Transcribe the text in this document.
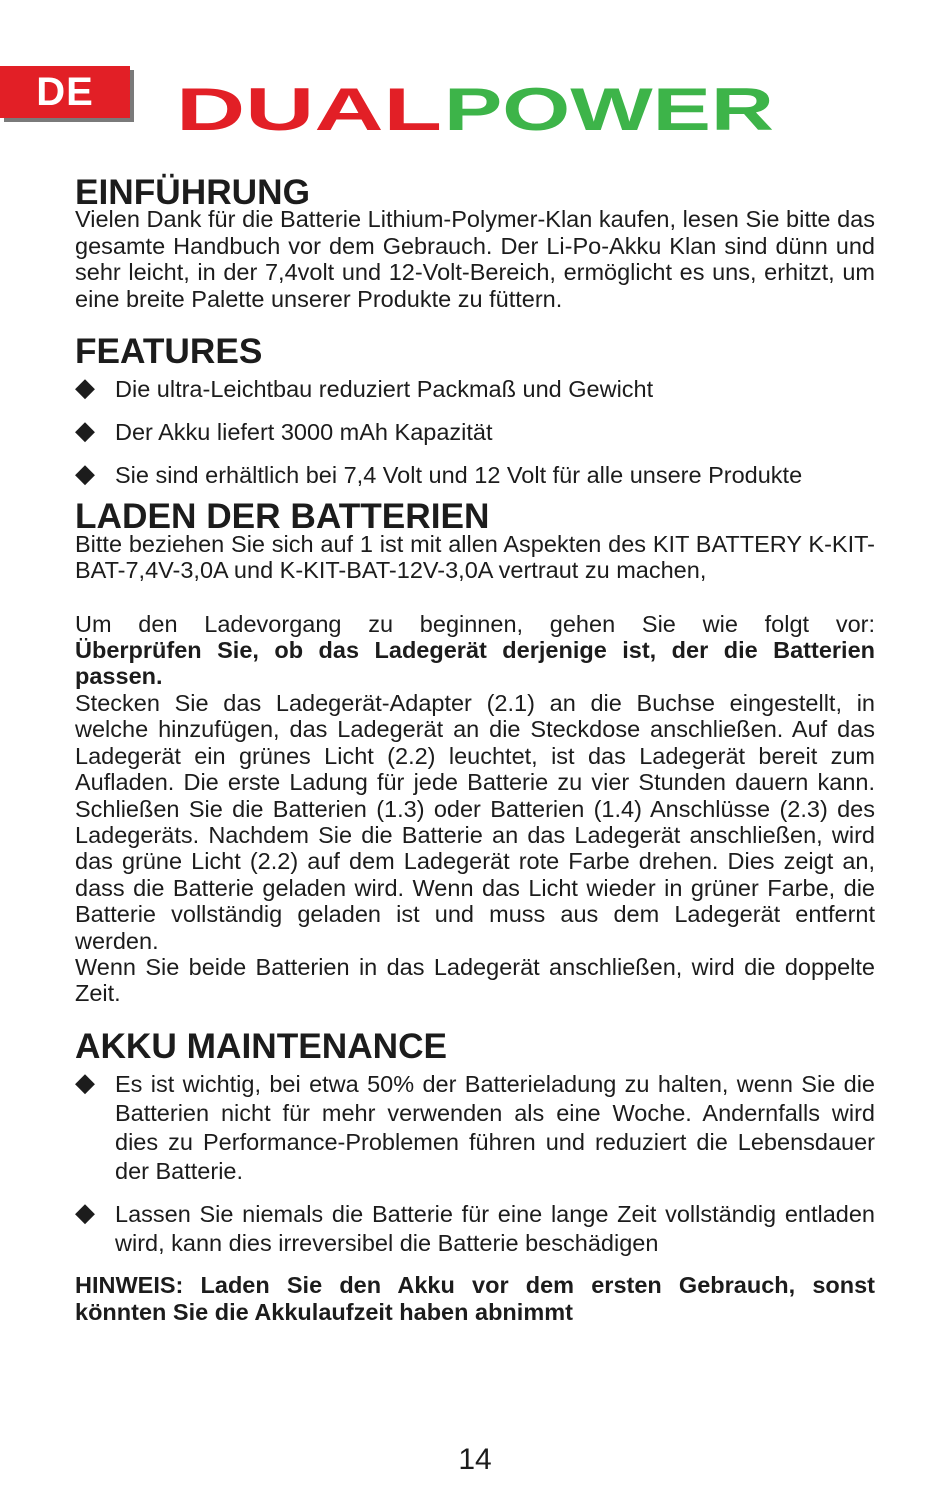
DE	DUAL POWER
EINFÜHRUNG

Vielen Dank für die Batterie Lithium-Polymer-Klan kaufen, lesen Sie bitte das gesamte Handbuch vor dem Gebrauch. Der Li-Po-Akku Klan sind dünn und sehr leicht, in der 7,4volt und 12-Volt-Bereich, ermöglicht es uns, erhitzt, um eine breite Palette unserer Produkte zu füttern.

FEATURES
◆ Die ultra-Leichtbau reduziert Packmaß und Gewicht
◆ Der Akku liefert 3000 mAh Kapazität
◆ Sie sind erhältlich bei 7,4 Volt und 12 Volt für alle unsere Produkte
LADEN DER BATTERIEN

Bitte beziehen Sie sich auf 1 ist mit allen Aspekten des KIT BATTERY K-KIT-BAT-7,4V-3,0A und K-KIT-BAT-12V-3,0A vertraut zu machen,

Um den Ladevorgang zu beginnen, gehen Sie wie folgt vor:

Überprüfen Sie, ob das Ladegerät derjenige ist, der die Batterien passen.

Stecken Sie das Ladegerät-Adapter (2.1) an die Buchse eingestellt, in welche hinzufügen, das Ladegerät an die Steckdose anschließen. Auf das Ladegerät ein grünes Licht (2.2) leuchtet, ist das Ladegerät bereit zum Aufladen. Die erste Ladung für jede Batterie zu vier Stunden dauern kann. Schließen Sie die Batterien (1.3) oder Batterien (1.4) Anschlüsse (2.3) des Ladegeräts. Nachdem Sie die Batterie an das Ladegerät anschließen, wird das grüne Licht (2.2) auf dem Ladegerät rote Farbe drehen. Dies zeigt an, dass die Batterie geladen wird. Wenn das Licht wieder in grüner Farbe, die Batterie vollständig geladen ist und muss aus dem Ladegerät entfernt werden.

Wenn Sie beide Batterien in das Ladegerät anschließen, wird die doppelte Zeit.

AKKU MAINTENANCE
◆ Es ist wichtig, bei etwa 50% der Batterieladung zu halten, wenn Sie die Batterien nicht für mehr verwenden als eine Woche. Andernfalls wird dies zu Performance-Problemen führen und reduziert die Lebensdauer der Batterie.
◆ Lassen Sie niemals die Batterie für eine lange Zeit vollständig entladen wird, kann dies irreversibel die Batterie beschädigen

HINWEIS: Laden Sie den Akku vor dem ersten Gebrauch, sonst könnten Sie die Akkulaufzeit haben abnimmt

14
